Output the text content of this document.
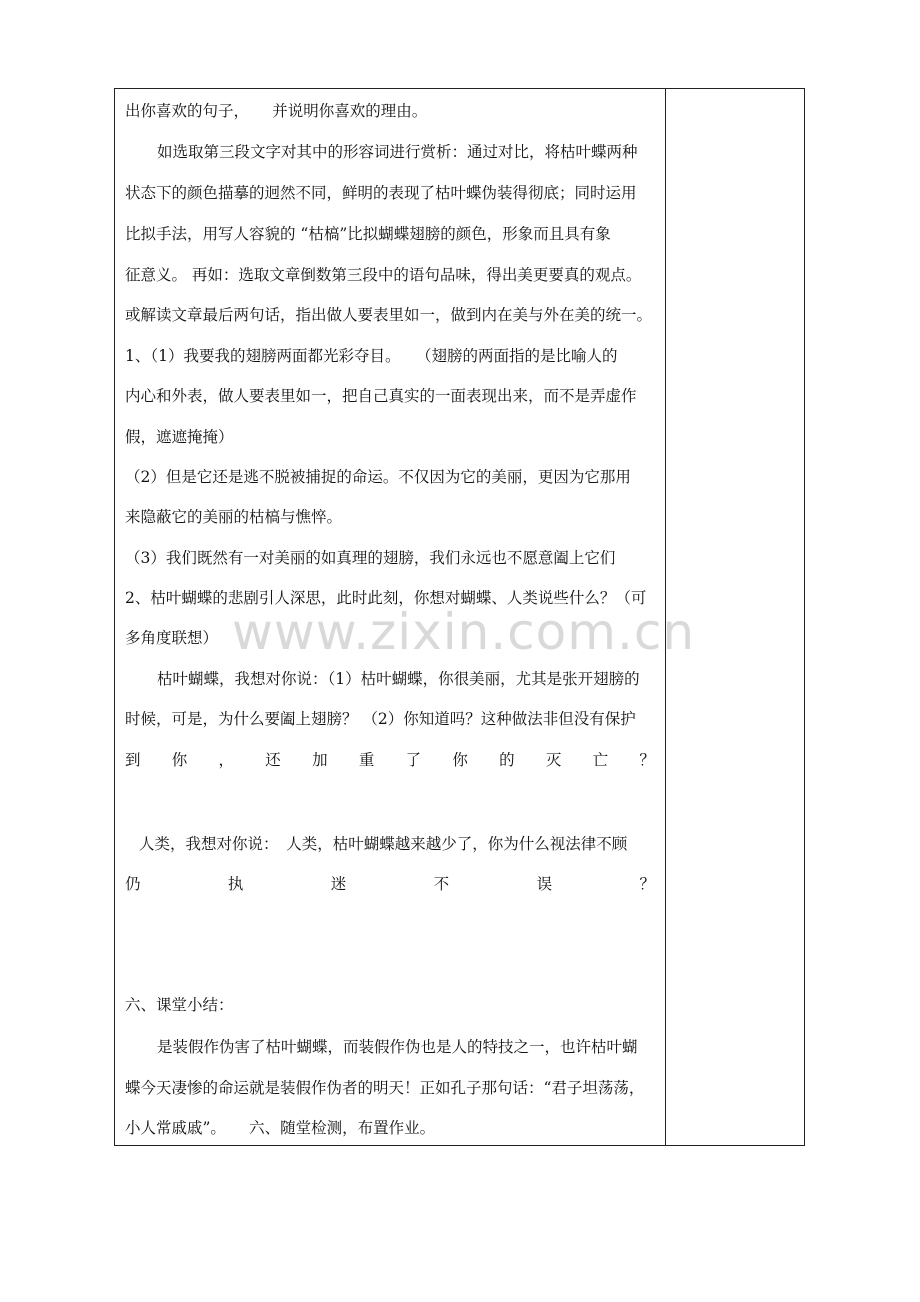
出你喜欢的句子，　　并说明你喜欢的理由。
如选取第三段文字对其中的形容词进行赏析：通过对比，将枯叶蝶两种
状态下的颜色描摹的迥然不同，鲜明的表现了枯叶蝶伪装得彻底；同时运用
比拟手法，用写人容貌的 “枯槁”比拟蝴蝶翅膀的颜色，形象而且具有象
征意义。 再如：选取文章倒数第三段中的语句品味，得出美更要真的观点。
或解读文章最后两句话，指出做人要表里如一，做到内在美与外在美的统一。
1、（1）我要我的翅膀两面都光彩夺目。　　（翅膀的两面指的是比喻人的
内心和外表，做人要表里如一，把自己真实的一面表现出来，而不是弄虚作
假，遮遮掩掩）
（2）但是它还是逃不脱被捕捉的命运。不仅因为它的美丽，更因为它那用
来隐蔽它的美丽的枯槁与憔悴。
（3）我们既然有一对美丽的如真理的翅膀，我们永远也不愿意阖上它们
2、枯叶蝴蝶的悲剧引人深思，此时此刻，你想对蝴蝶、人类说些什么？（可
多角度联想）
枯叶蝴蝶，我想对你说：（1）枯叶蝴蝶，你很美丽，尤其是张开翅膀的
时候，可是，为什么要阖上翅膀？ （2）你知道吗？这种做法非但没有保护
到 你 ， 还 加 重 了 你 的 灭 亡 ？
人类，我想对你说：　人类，枯叶蝴蝶越来越少了，你为什么视法律不顾
仍	执	迷	不	误	？
六、课堂小结：
是装假作伪害了枯叶蝴蝶，而装假作伪也是人的特技之一，也许枯叶蝴
蝶今天凄惨的命运就是装假作伪者的明天！正如孔子那句话：“君子坦荡荡，
小人常戚戚”。　　六、随堂检测，布置作业。
www.zixin.com.cn
